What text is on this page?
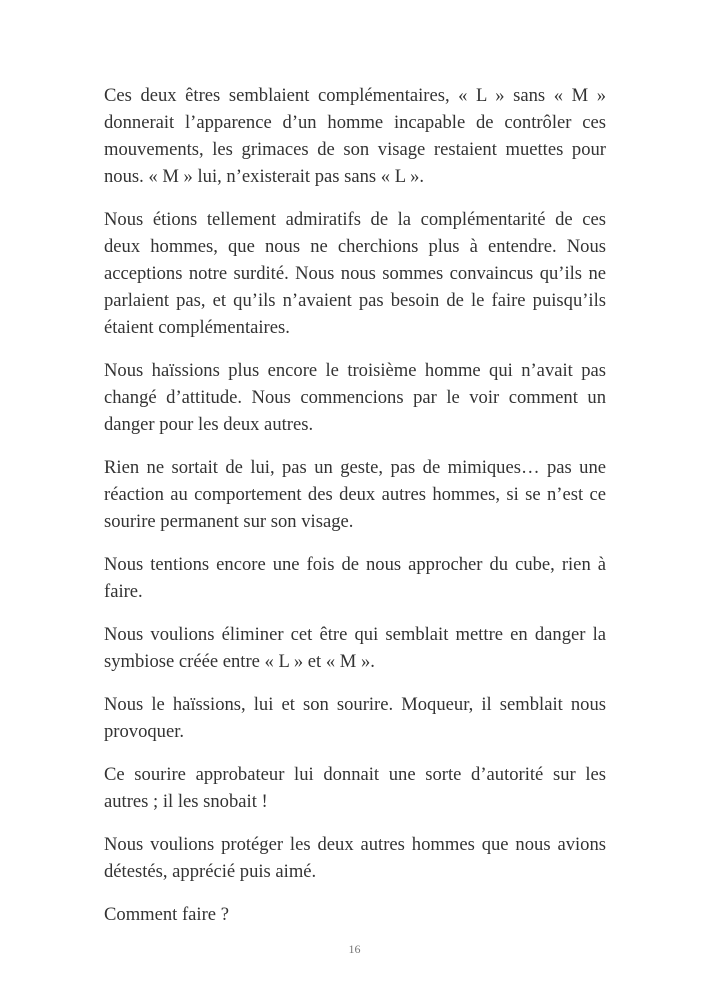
Ces deux êtres semblaient complémentaires, « L » sans « M » donnerait l’apparence d’un homme incapable de contrôler ces mouvements, les grimaces de son visage restaient muettes pour nous. « M » lui, n’existerait pas sans « L ».

Nous étions tellement admiratifs de la complémentarité de ces deux hommes, que nous ne cherchions plus à entendre. Nous acceptions notre surdité. Nous nous sommes convaincus qu’ils ne parlaient pas, et qu’ils n’avaient pas besoin de le faire puisqu’ils étaient complémentaires.

Nous haïssions plus encore le troisième homme qui n’avait pas changé d’attitude. Nous commencions par le voir comment un danger pour les deux autres.

Rien ne sortait de lui, pas un geste, pas de mimiques… pas une réaction au comportement des deux autres hommes, si se n’est ce sourire permanent sur son visage.

Nous tentions encore une fois de nous approcher du cube, rien à faire.

Nous voulions éliminer cet être qui semblait mettre en danger la symbiose créée entre « L » et « M ».

Nous le haïssions, lui et son sourire. Moqueur, il semblait nous provoquer.

Ce sourire approbateur lui donnait une sorte d’autorité sur les autres ; il les snobait !

Nous voulions protéger les deux autres hommes que nous avions détestés, apprécié puis aimé.

Comment faire ?

16
